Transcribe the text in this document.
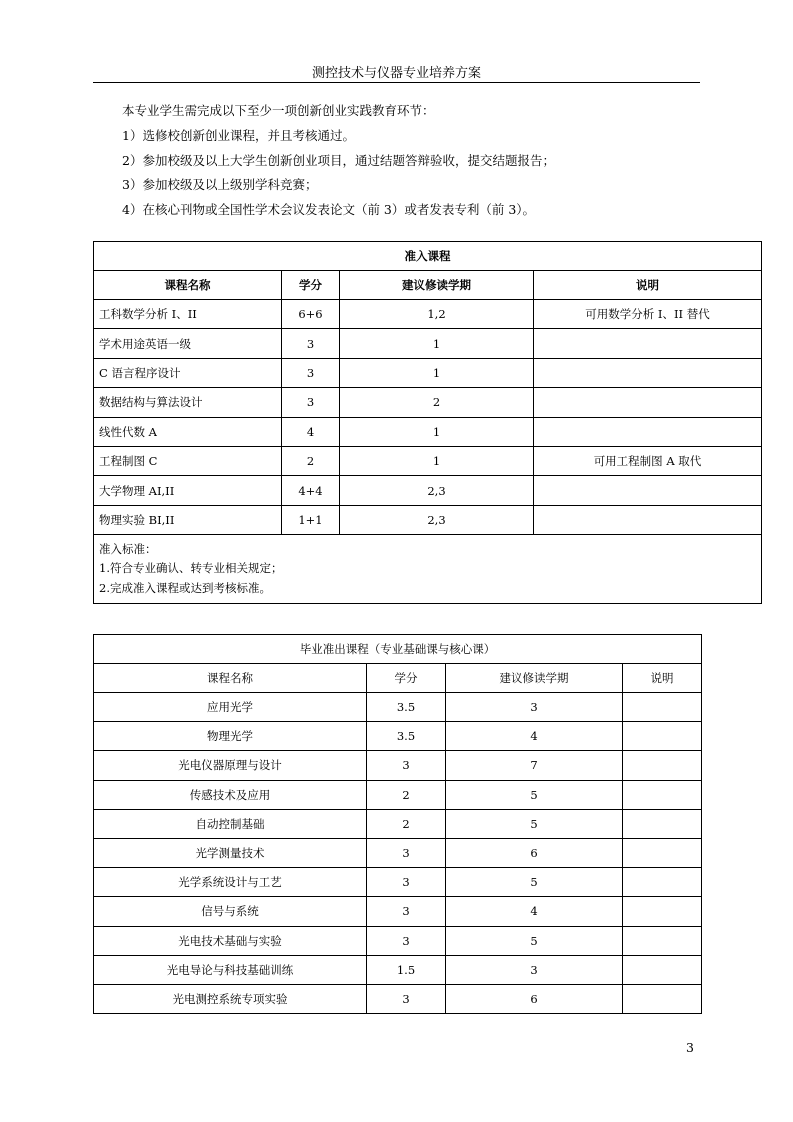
测控技术与仪器专业培养方案

本专业学生需完成以下至少一项创新创业实践教育环节：

1）选修校创新创业课程，并且考核通过。

2）参加校级及以上大学生创新创业项目，通过结题答辩验收，提交结题报告；

3）参加校级及以上级别学科竞赛；

4）在核心刊物或全国性学术会议发表论文（前 3）或者发表专利（前 3）。

准入课程			
课程名称	学分	建议修读学期	说明
工科数学分析 I、II	6+6	1,2	可用数学分析 I、II 替代
学术用途英语一级	3	1	
C 语言程序设计	3	1	
数据结构与算法设计	3	2	
线性代数 A	4	1	
工程制图 C	2	1	可用工程制图 A 取代
大学物理 AI,II	4+4	2,3	
物理实验 BI,II	1+1	2,3	

准入标准：
1.符合专业确认、转专业相关规定；
2.完成准入课程或达到考核标准。			
毕业准出课程（专业基础课与核心课）			
课程名称	学分	建议修读学期	说明
应用光学	3.5	3	
物理光学	3.5	4	
光电仪器原理与设计	3	7	
传感技术及应用	2	5	
自动控制基础	2	5	
光学测量技术	3	6	
光学系统设计与工艺	3	5	
信号与系统	3	4	
光电技术基础与实验	3	5	
光电导论与科技基础训练	1.5	3	
光电测控系统专项实验	3	6	
3
